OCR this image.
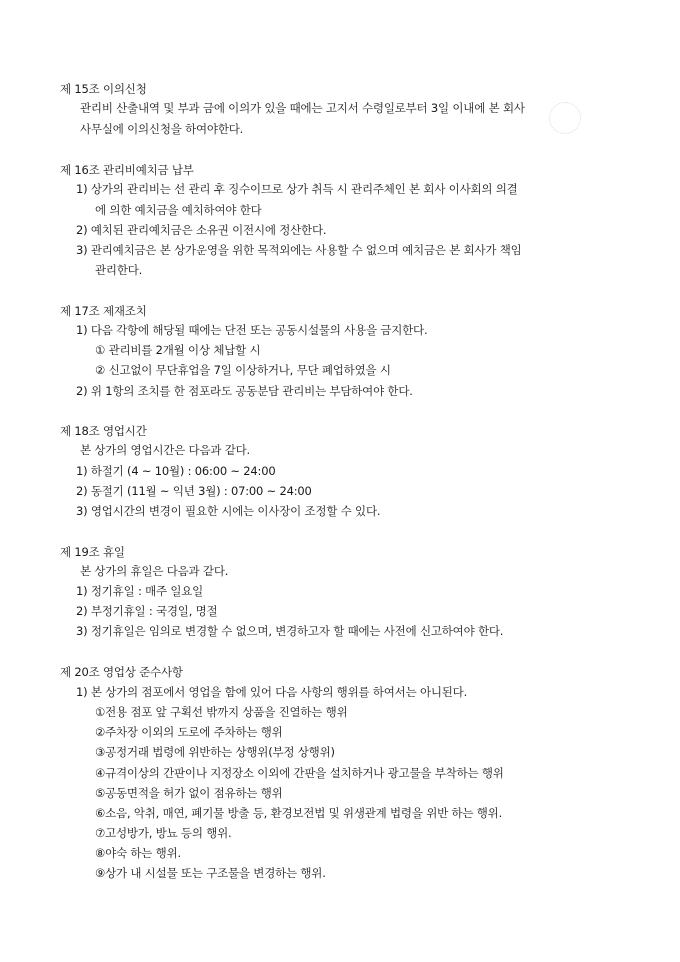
제 15조 이의신청
관리비 산출내역 및 부과 금에 이의가 있을 때에는 고지서 수령일로부터 3일 이내에 본 회사
사무실에 이의신청을 하여야한다.
제 16조 관리비예치금 납부
1) 상가의 관리비는 선 관리 후 징수이므로 상가 취득 시 관리주체인 본 회사 이사회의 의결
에 의한 예치금을 예치하여야 한다
2) 예치된 관리예치금은 소유권 이전시에 정산한다.
3) 관리예치금은 본 상가운영을 위한 목적외에는 사용할 수 없으며 예치금은 본 회사가 책임
관리한다.
제 17조 제재조치
1) 다음 각항에 해당될 때에는 단전 또는 공동시설물의 사용을 금지한다.
① 관리비를 2개월 이상 체납할 시
② 신고없이 무단휴업을 7일 이상하거나, 무단 폐업하였을 시
2) 위 1항의 조치를 한 점포라도 공동분담 관리비는 부담하여야 한다.
제 18조 영업시간
본 상가의 영업시간은 다음과 같다.
1) 하절기 (4 ~ 10월) : 06:00 ~ 24:00
2) 동절기 (11월 ~ 익년 3월) : 07:00 ~ 24:00
3) 영업시간의 변경이 필요한 시에는 이사장이 조정할 수 있다.
제 19조 휴일
본 상가의 휴일은 다음과 같다.
1) 정기휴일 : 매주 일요일
2) 부정기휴일 : 국경일, 명절
3) 정기휴일은 임의로 변경할 수 없으며, 변경하고자 할 때에는 사전에 신고하여야 한다.
제 20조 영업상 준수사항
1) 본 상가의 점포에서 영업을 함에 있어 다음 사항의 행위를 하여서는 아니된다.
①전용 점포 앞 구획선 밖까지 상품을 진열하는 행위
②주차장 이외의 도로에 주차하는 행위
③공정거래 법령에 위반하는 상행위(부정 상행위)
④규격이상의 간판이나 지정장소 이외에 간판을 설치하거나 광고물을 부착하는 행위
⑤공동면적을 허가 없이 점유하는 행위
⑥소음, 악취, 매연, 폐기물 방출 등, 환경보전법 및 위생관계 법령을 위반 하는 행위.
⑦고성방가, 방뇨 등의 행위.
⑧야숙 하는 행위.
⑨상가 내 시설물 또는 구조물을 변경하는 행위.
